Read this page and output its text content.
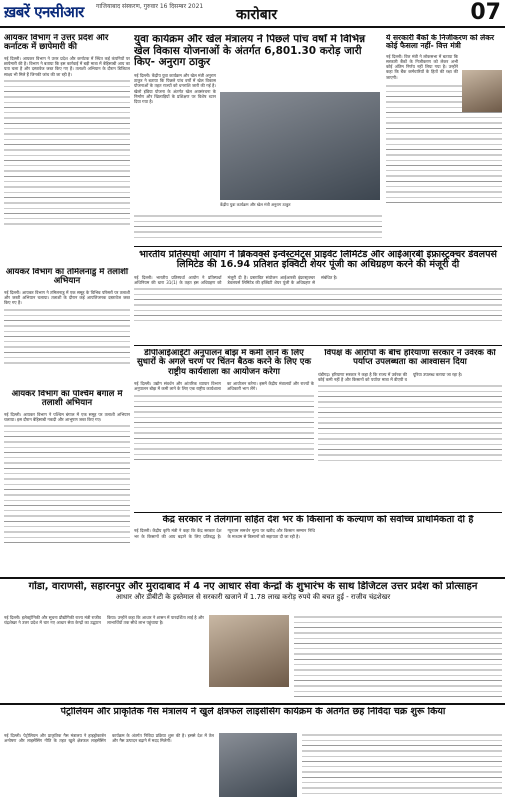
ख़बरें एनसीआर गाजियाबाद संस्करण, गुरुवार 16 दिसम्बर 2021
कारोबार	07
आयकर विभाग ने उत्तर प्रदेश और कर्नाटक में छापेमारी की
नई दिल्ली। आयकर विभाग ने उत्तर प्रदेश और कर्नाटक में स्थित कई कंपनियों पर छापेमारी की है। विभाग ने बताया कि इस कार्रवाई में बड़ी मात्रा में बेहिसाबी आय का पता चला है और दस्तावेज जब्त किए गए हैं। तलाशी अभियान के दौरान डिजिटल साक्ष्य भी मिले हैं जिनकी जांच की जा रही है।
युवा कार्यक्रम और खेल मंत्रालय ने पिछले पांच वर्षों में विभिन्न खेल विकास योजनाओं के अंतर्गत 6,801.30 करोड़ जारी किए- अनुराग ठाकुर
नई दिल्ली। केंद्रीय युवा कार्यक्रम और खेल मंत्री अनुराग ठाकुर ने बताया कि पिछले पांच वर्षों में खेल विकास योजनाओं के तहत राज्यों को धनराशि जारी की गई है। खेलो इंडिया योजना के अंतर्गत खेल अवसंरचना के निर्माण और खिलाड़ियों के प्रशिक्षण पर विशेष ध्यान दिया गया है।
केंद्रीय युवा कार्यक्रम और खेल मंत्री अनुराग ठाकुर
ये सरकारी बैंकों के निजीकरण को लेकर कोई फैसला नहीं- वित्त मंत्री
नई दिल्ली। वित्त मंत्री ने लोकसभा में बताया कि सरकारी बैंकों के निजीकरण को लेकर अभी कोई अंतिम निर्णय नहीं लिया गया है। उन्होंने कहा कि बैंक कर्मचारियों के हितों की रक्षा की जाएगी।
आयकर विभाग का तमिलनाडु में तलाशी अभियान
नई दिल्ली। आयकर विभाग ने तमिलनाडु में एक समूह के विभिन्न परिसरों पर तलाशी और जब्ती अभियान चलाया। तलाशी के दौरान कई आपत्तिजनक दस्तावेज जब्त किए गए हैं।
आयकर विभाग का पश्चिम बंगाल में तलाशी अभियान
नई दिल्ली। आयकर विभाग ने पश्चिम बंगाल में एक समूह पर तलाशी अभियान चलाया। इस दौरान बेहिसाबी नकदी और आभूषण जब्त किए गए।
भारतीय प्रतिस्पर्धा आयोग ने ब्रिकवर्क्स इन्वेस्टमेंट्स प्राइवेट लिमिटेड और आईआरबी इंफ्रास्ट्रक्चर डेवलपर्स लिमिटेड की 16.94 प्रतिशत इक्विटी शेयर पूंजी का अधिग्रहण करने की मंजूरी दी
नई दिल्ली। भारतीय प्रतिस्पर्धा आयोग ने प्रतिस्पर्धा अधिनियम की धारा 31(1) के तहत इस अधिग्रहण को मंजूरी दी है। प्रस्तावित संयोजन आईआरबी इंफ्रास्ट्रक्चर डेवलपर्स लिमिटेड की इक्विटी शेयर पूंजी के अधिग्रहण से संबंधित है।
डीपीआईआईटी अनुपालन बोझ में कमी लाने के लिए सुधारों के अगले चरण पर चिंतन बैठक करने के लिए एक राष्ट्रीय कार्यशाला का आयोजन करेगा
नई दिल्ली। उद्योग संवर्धन और आंतरिक व्यापार विभाग अनुपालन बोझ में कमी लाने के लिए एक राष्ट्रीय कार्यशाला का आयोजन करेगा। इसमें केंद्रीय मंत्रालयों और राज्यों के अधिकारी भाग लेंगे।
विपक्ष के आरोपों के बीच हरियाणा सरकार ने उर्वरक की पर्याप्त उपलब्धता का आश्वासन दिया
चंडीगढ़। हरियाणा सरकार ने कहा है कि राज्य में उर्वरक की कोई कमी नहीं है और किसानों को पर्याप्त मात्रा में डीएपी व यूरिया उपलब्ध कराया जा रहा है।
केंद्र सरकार ने तेलंगाना सहित देश भर के किसानों के कल्याण को सर्वोच्च प्राथमिकता दी है
नई दिल्ली। केंद्रीय कृषि मंत्री ने कहा कि केंद्र सरकार देश भर के किसानों की आय बढ़ाने के लिए प्रतिबद्ध है। न्यूनतम समर्थन मूल्य पर खरीद और किसान सम्मान निधि के माध्यम से किसानों को सहायता दी जा रही है।
गोंडा, वाराणसी, सहारनपुर और मुरादाबाद में 4 नए आधार सेवा केन्द्रों के शुभारंभ के साथ डिजिटल उत्तर प्रदेश को प्रोत्साहन
आधार और डीबीटी के इस्तेमाल से सरकारी खजाने में 1.78 लाख करोड़ रुपये की बचत हुई - राजीव चंद्रशेखर
नई दिल्ली। इलेक्ट्रॉनिकी और सूचना प्रौद्योगिकी राज्य मंत्री राजीव चंद्रशेखर ने उत्तर प्रदेश में चार नए आधार सेवा केन्द्रों का उद्घाटन किया। उन्होंने कहा कि आधार ने शासन में पारदर्शिता लाई है और लाभार्थियों तक सीधे लाभ पहुंचाया है।
पेट्रोलियम और प्राकृतिक गैस मंत्रालय ने खुले क्षेत्रफल लाइसेंसिंग कार्यक्रम के अंतर्गत छह निविदा चक्र शुरू किया
नई दिल्ली। पेट्रोलियम और प्राकृतिक गैस मंत्रालय ने हाइड्रोकार्बन अन्वेषण और लाइसेंसिंग नीति के तहत खुले क्षेत्रफल लाइसेंसिंग कार्यक्रम के अंतर्गत निविदा प्रक्रिया शुरू की है। इससे देश में तेल और गैस उत्पादन बढ़ाने में मदद मिलेगी।
